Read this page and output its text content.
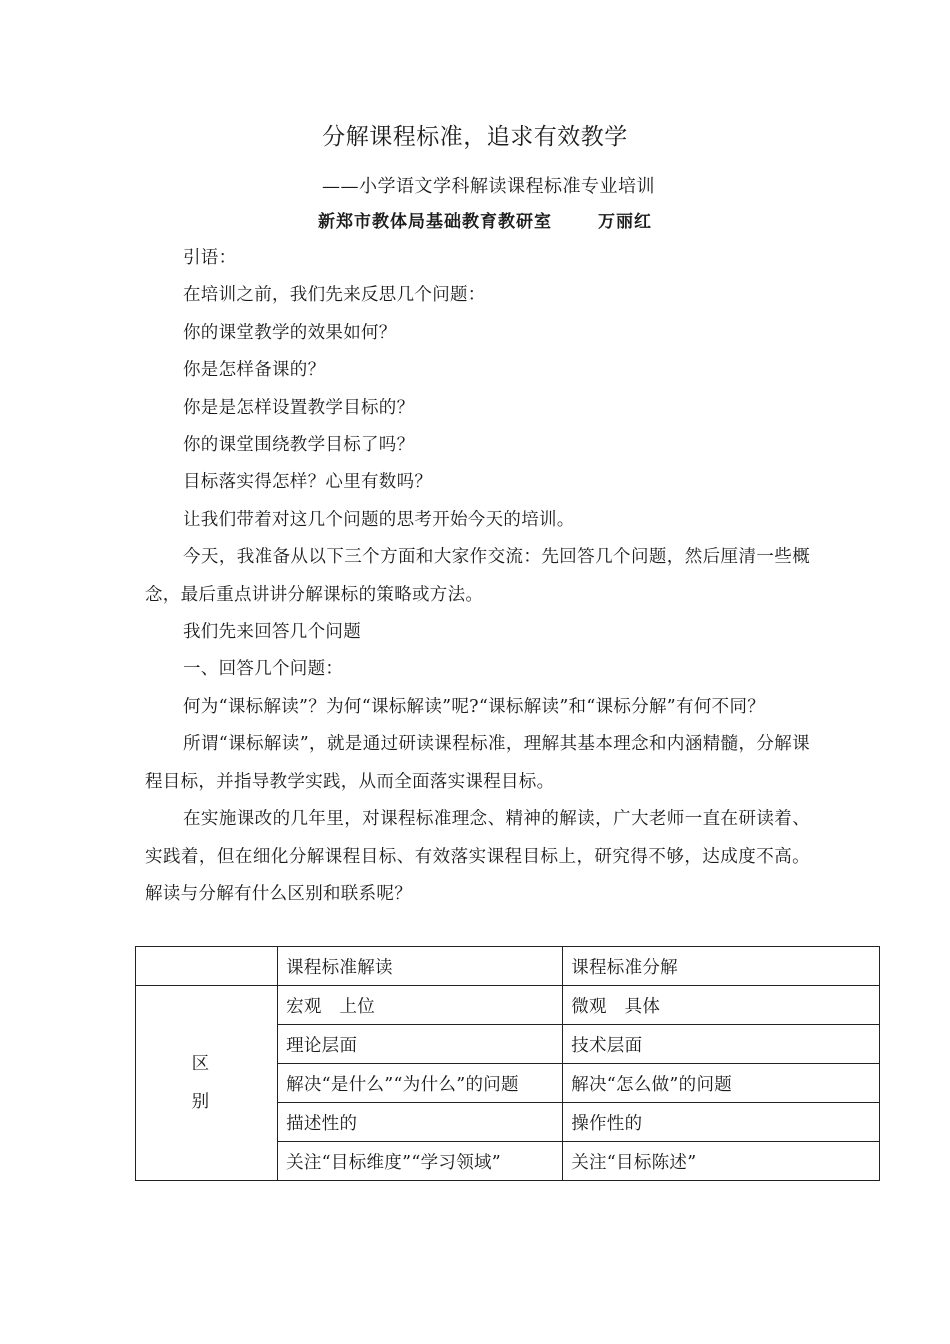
分解课程标准，追求有效教学
——小学语文学科解读课程标准专业培训
新郑市教体局基础教育教研室	万丽红

引语：

在培训之前，我们先来反思几个问题：

你的课堂教学的效果如何？

你是怎样备课的？

你是是怎样设置教学目标的？

你的课堂围绕教学目标了吗？

目标落实得怎样？心里有数吗？

让我们带着对这几个问题的思考开始今天的培训。

今天，我准备从以下三个方面和大家作交流：先回答几个问题，然后厘清一些概念，最后重点讲讲分解课标的策略或方法。

我们先来回答几个问题

一、回答几个问题：

何为“课标解读”？为何“课标解读”呢?“课标解读”和“课标分解”有何不同？

所谓“课标解读”，就是通过研读课程标准，理解其基本理念和内涵精髓，分解课程目标，并指导教学实践，从而全面落实课程目标。

在实施课改的几年里，对课程标准理念、精神的解读，广大老师一直在研读着、实践着，但在细化分解课程目标、有效落实课程目标上，研究得不够，达成度不高。解读与分解有什么区别和联系呢？

	课程标准解读	课程标准分解

区
别	宏观　上位	微观　具体
	理论层面	技术层面
	解决“是什么”“为什么”的问题	解决“怎么做”的问题
	描述性的	操作性的
	关注“目标维度”“学习领域”	关注“目标陈述”
